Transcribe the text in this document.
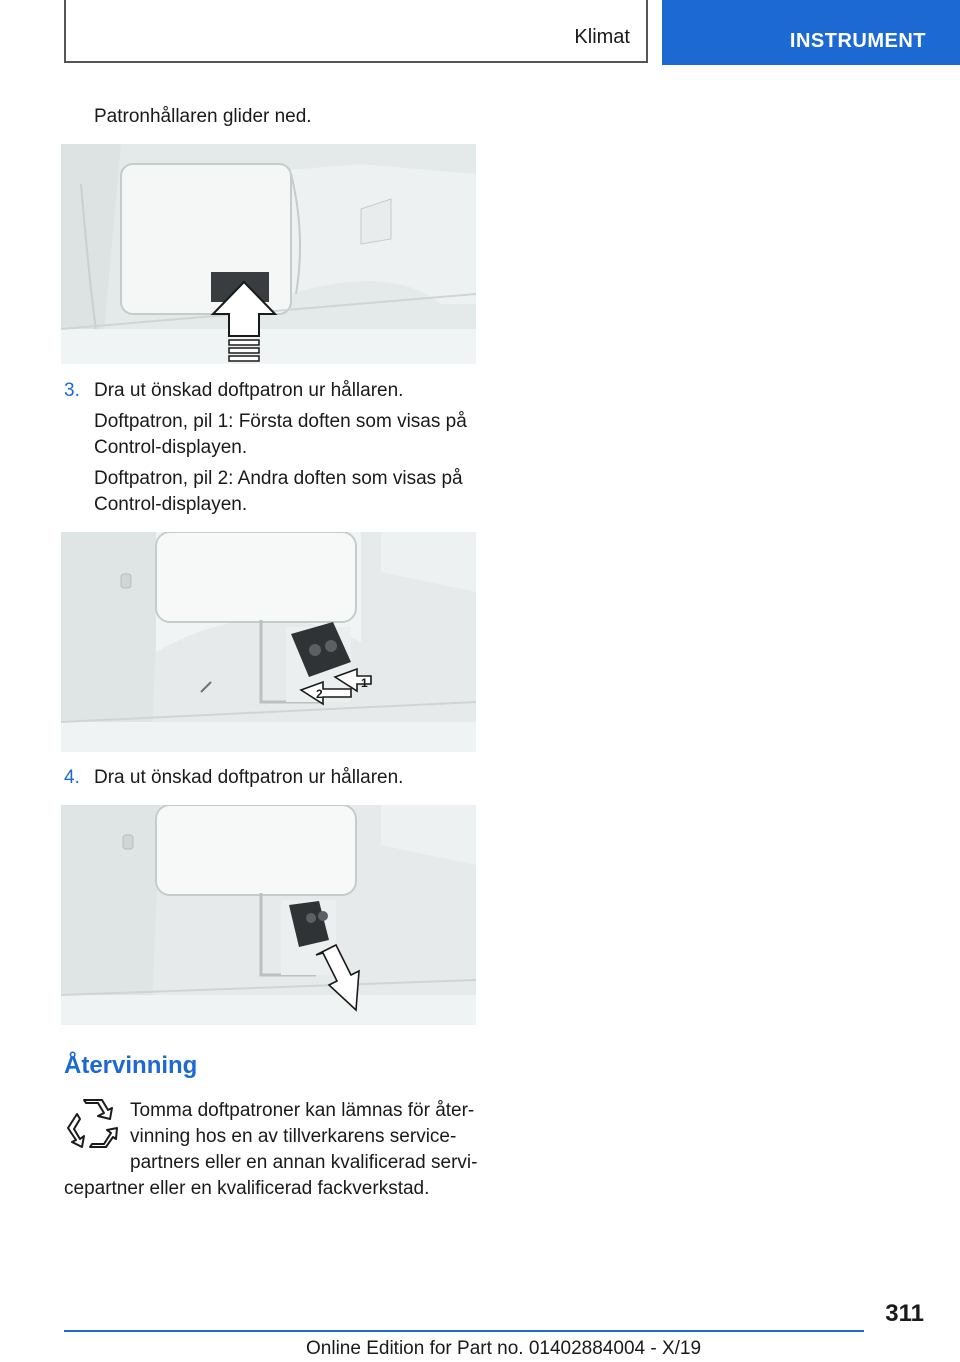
Klimat	INSTRUMENT
Patronhållaren glider ned.
3. Dra ut önskad doftpatron ur hållaren.
Doftpatron, pil 1: Första doften som visas på
Control-displayen.
Doftpatron, pil 2: Andra doften som visas på
Control-displayen.
2
1
4. Dra ut önskad doftpatron ur hållaren.
Återvinning
Tomma doftpatroner kan lämnas för åter-
vinning hos en av tillverkarens service-
partners eller en annan kvalificerad servi-
cepartner eller en kvalificerad fackverkstad.
311
Online Edition for Part no. 01402884004 - X/19
